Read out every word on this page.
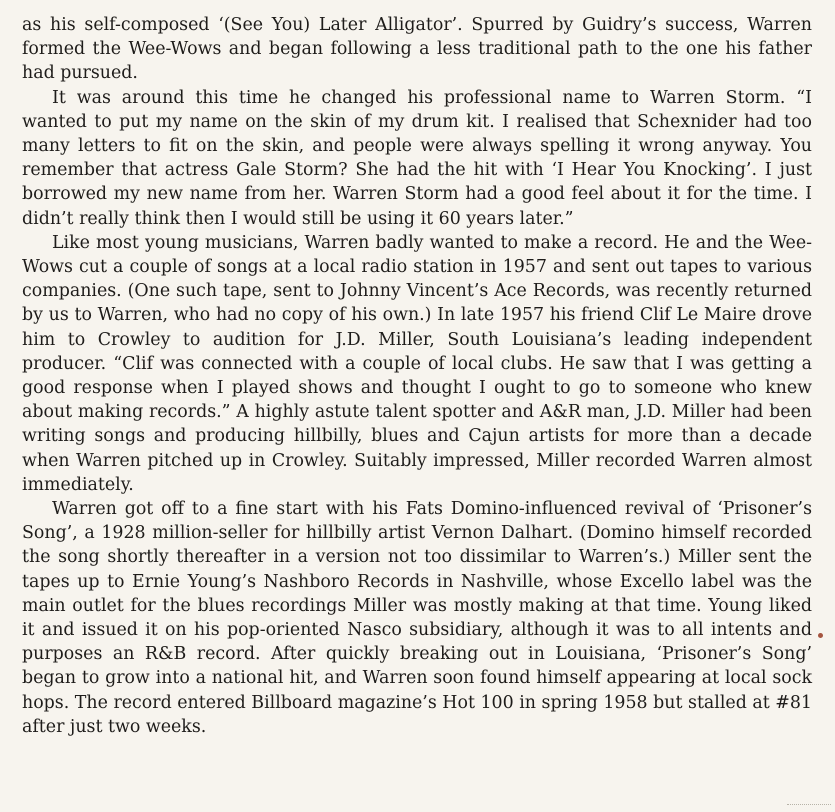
as his self-composed ‘(See You) Later Alligator’. Spurred by Guidry’s success, Warren formed the Wee-Wows and began following a less traditional path to the one his father had pursued.

It was around this time he changed his professional name to Warren Storm. “I wanted to put my name on the skin of my drum kit. I realised that Schexnider had too many letters to fit on the skin, and people were always spelling it wrong anyway. You remember that actress Gale Storm? She had the hit with ‘I Hear You Knocking’. I just borrowed my new name from her. Warren Storm had a good feel about it for the time. I didn’t really think then I would still be using it 60 years later.”

Like most young musicians, Warren badly wanted to make a record. He and the Wee-Wows cut a couple of songs at a local radio station in 1957 and sent out tapes to various companies. (One such tape, sent to Johnny Vincent’s Ace Records, was recently returned by us to Warren, who had no copy of his own.) In late 1957 his friend Clif Le Maire drove him to Crowley to audition for J.D. Miller, South Louisiana’s leading independent producer. “Clif was connected with a couple of local clubs. He saw that I was getting a good response when I played shows and thought I ought to go to someone who knew about making records.” A highly astute talent spotter and A&R man, J.D. Miller had been writing songs and producing hillbilly, blues and Cajun artists for more than a decade when Warren pitched up in Crowley. Suitably impressed, Miller recorded Warren almost immediately.

Warren got off to a fine start with his Fats Domino-influenced revival of ‘Prisoner’s Song’, a 1928 million-seller for hillbilly artist Vernon Dalhart. (Domino himself recorded the song shortly thereafter in a version not too dissimilar to Warren’s.) Miller sent the tapes up to Ernie Young’s Nashboro Records in Nashville, whose Excello label was the main outlet for the blues recordings Miller was mostly making at that time. Young liked it and issued it on his pop-oriented Nasco subsidiary, although it was to all intents and purposes an R&B record. After quickly breaking out in Louisiana, ‘Prisoner’s Song’ began to grow into a national hit, and Warren soon found himself appearing at local sock hops. The record entered Billboard magazine’s Hot 100 in spring 1958 but stalled at #81 after just two weeks.
